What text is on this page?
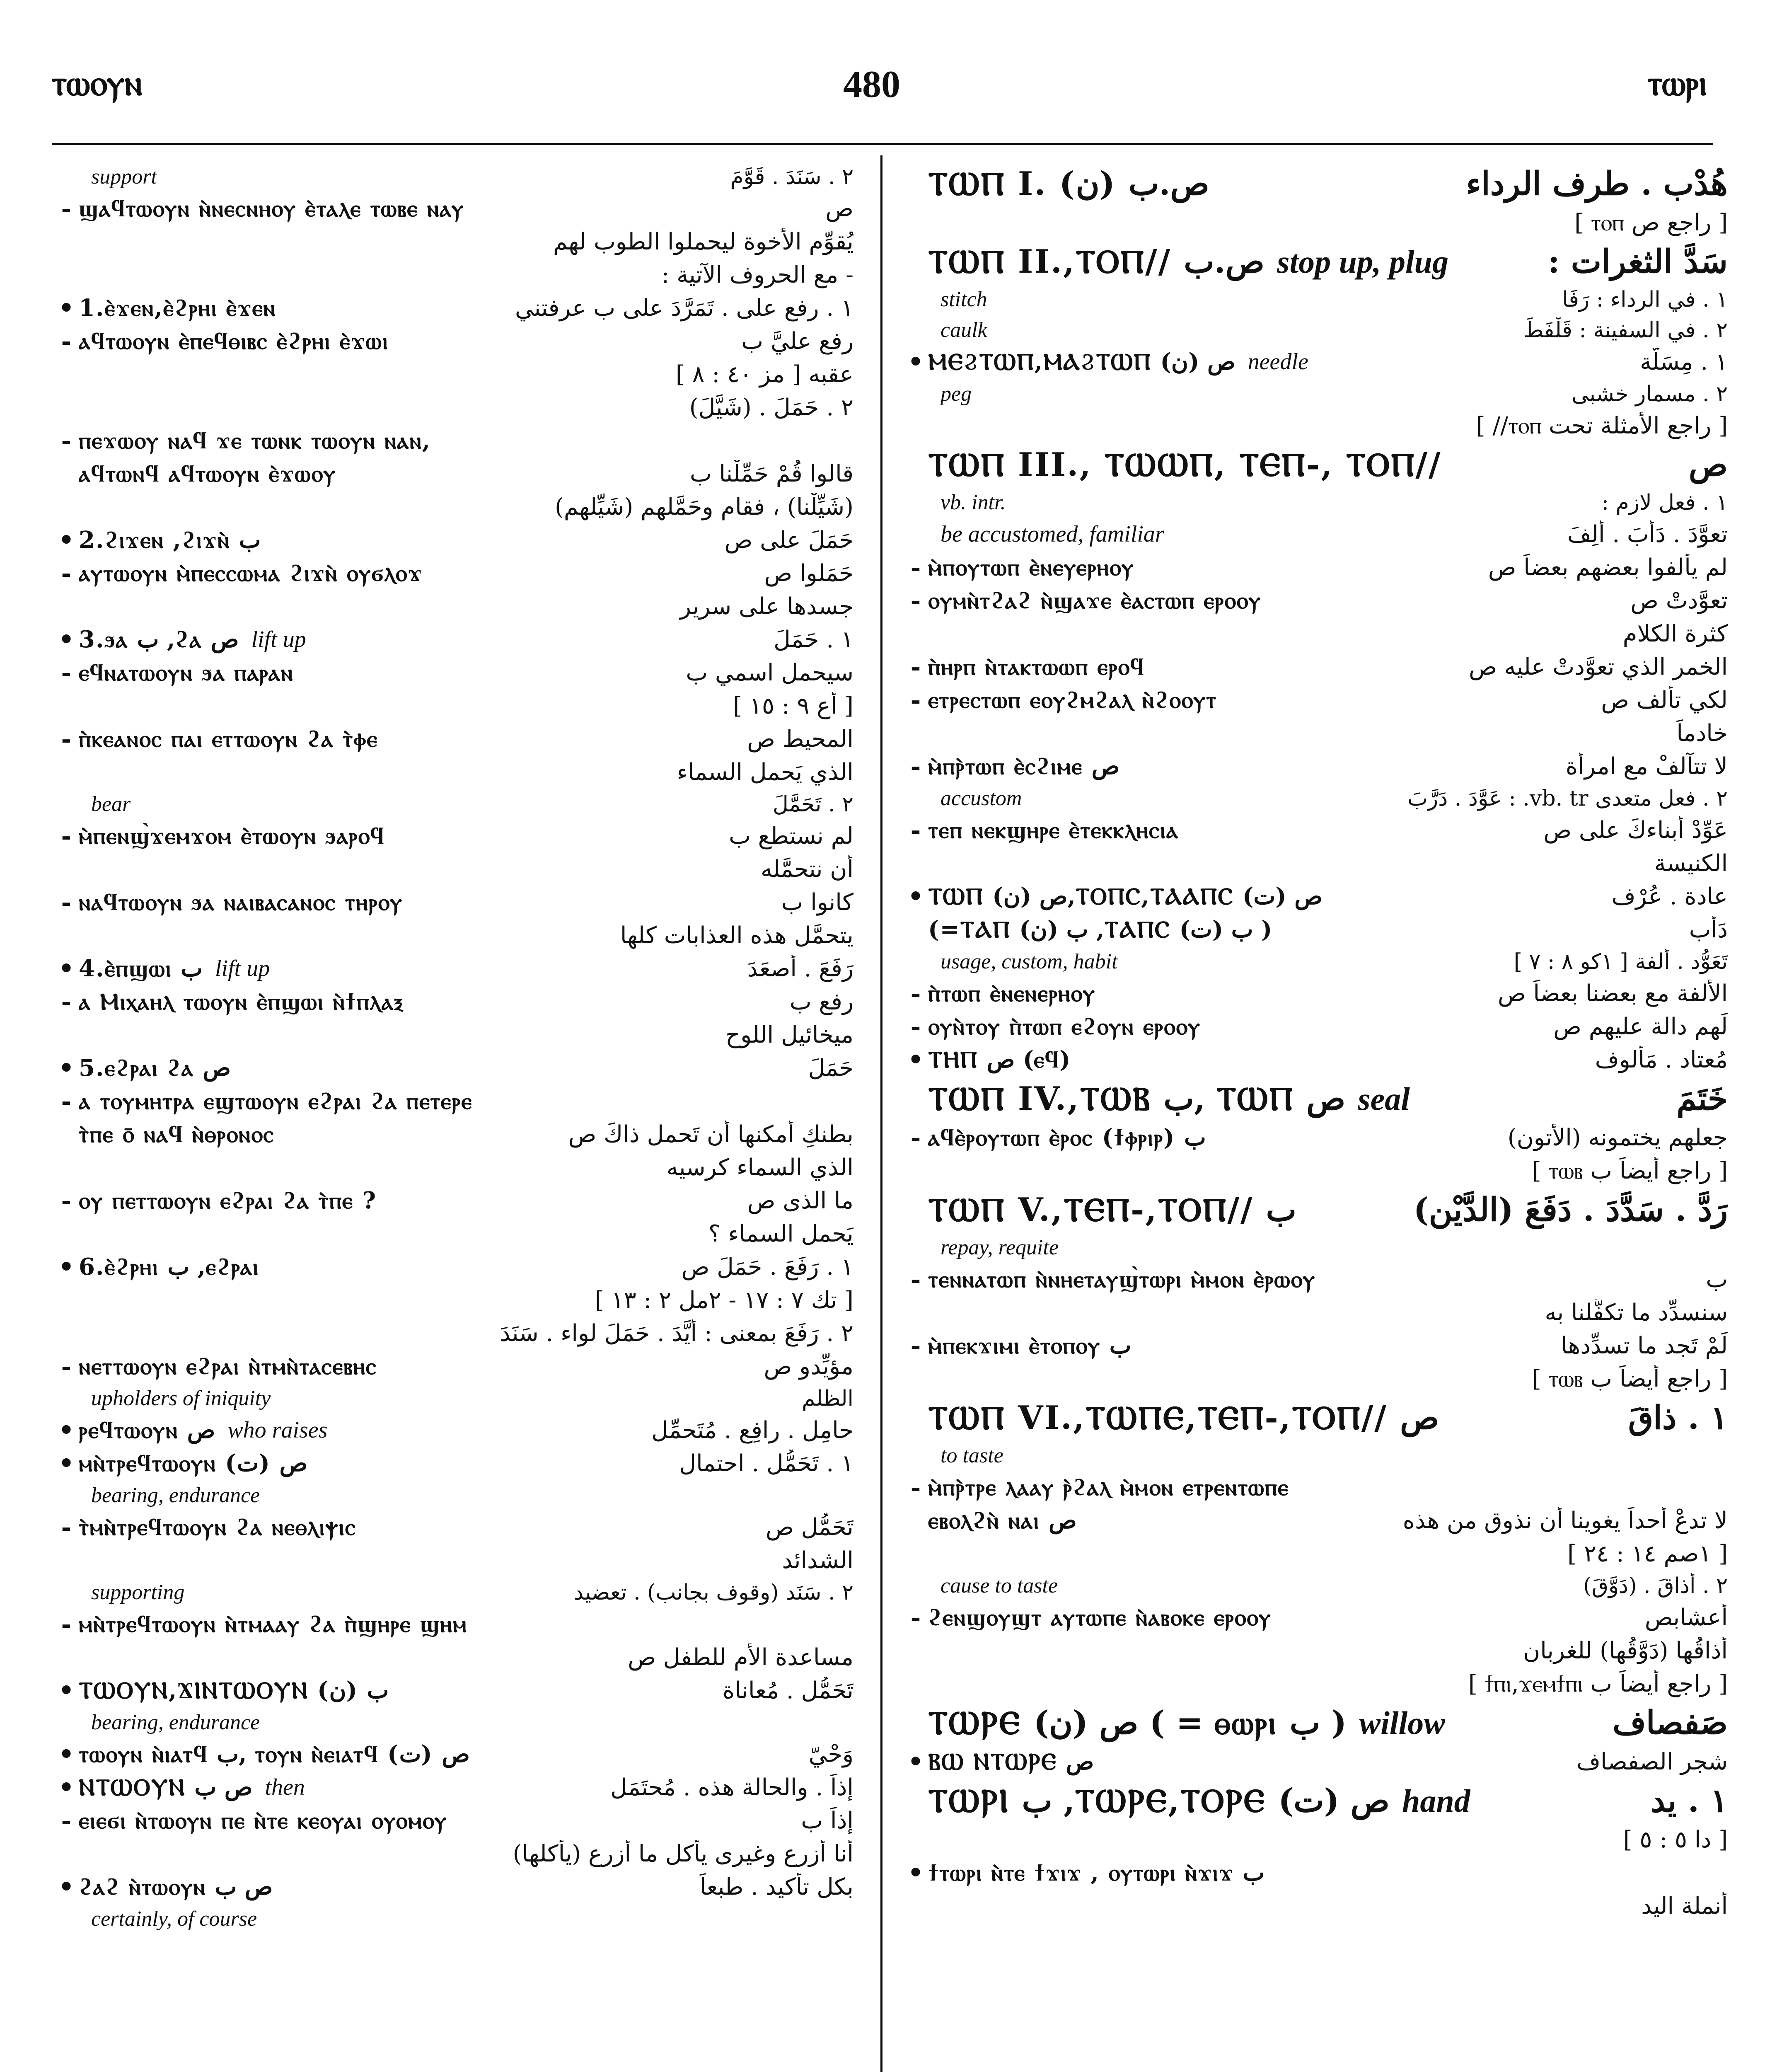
ⲧⲱⲟⲩⲛ	480	ⲧⲱⲣⲓ
support	٢ . سَنَدَ . قَوَّمَ
- ϣⲁϥⲧⲱⲟⲩⲛ ⲛ̀ⲛⲉⲥⲛⲏⲟⲩ ⲉ̀ⲧⲁⲗⲉ ⲧⲱⲃⲉ ⲛⲁⲩ	ص
يُقوِّم الأخوة ليحملوا الطوب لهم
- مع الحروف الآتية :
• 1.ⲉ̀ϫⲉⲛ,ⲉ̀ϩⲣⲏⲓ ⲉ̀ϫⲉⲛ	١ . رفع على . تَمَرَّدَ على ب عرفتني
- ⲁϥⲧⲱⲟⲩⲛ ⲉ̀ⲡⲉϥⲑⲓⲃⲥ ⲉ̀ϩⲣⲏⲓ ⲉ̀ϫⲱⲓ	رفع عليَّ ب
عقبه [ مز ٤٠ : ٨ ]
٢ . حَمَلَ . (شَيَّلَ)
- ⲡⲉϫⲱⲟⲩ ⲛⲁϥ ϫⲉ ⲧⲱⲛⲕ ⲧⲱⲟⲩⲛ ⲛⲁⲛ,
ⲁϥⲧⲱⲛϥ ⲁϥⲧⲱⲟⲩⲛ ⲉ̀ϫⲱⲟⲩ	قالوا قُمْ حَمِّلْنا ب
(شَيِّلْنا) ، فقام وحَمَّلهم (شَيِّلهم)
• 2.ϩⲓϫⲉⲛ ,ϩⲓϫⲛ̀ ب	حَمَلَ على ص
- ⲁⲩⲧⲱⲟⲩⲛ ⲙ̀ⲡⲉⲥⲥⲱⲙⲁ ϩⲓϫⲛ̀ ⲟⲩϭⲗⲟϫ	حَمَلوا ص
جسدها على سرير
• 3.ϧⲁ ب ,ϩⲁ ص lift up	١ . حَمَلَ
- ⲉϥⲛⲁⲧⲱⲟⲩⲛ ϧⲁ ⲡⲁⲣⲁⲛ	سيحمل اسمي ب
[ أع ٩ : ١٥ ]
- ⲡ̀ⲕⲉⲁⲛⲟⲥ ⲡⲁⲓ ⲉⲧⲧⲱⲟⲩⲛ ϩⲁ ⲧ̀ⲫⲉ	المحيط ص
الذي يَحمل السماء
bear	٢ . تَحَمَّلَ
- ⲙ̀ⲡⲉⲛϣ̀ϫⲉⲙϫⲟⲙ ⲉ̀ⲧⲱⲟⲩⲛ ϧⲁⲣⲟϥ	لم نستطع ب
أن نتحمَّله
- ⲛⲁϥⲧⲱⲟⲩⲛ ϧⲁ ⲛⲁⲓⲃⲁⲥⲁⲛⲟⲥ ⲧⲏⲣⲟⲩ	كانوا ب
يتحمَّل هذه العذابات كلها
• 4.ⲉ̀ⲡϣⲱⲓ ب lift up	رَفَعَ . أصعَدَ
- ⲁ Ⲙⲓⲭⲁⲏⲗ ⲧⲱⲟⲩⲛ ⲉ̀ⲡϣⲱⲓ ⲛ̀ϯⲡⲗⲁⲝ	رفع ب
ميخائيل اللوح
• 5.ⲉϩⲣⲁⲓ ϩⲁ ص	حَمَلَ
- ⲁ ⲧⲟⲩⲙⲏⲧⲣⲁ ⲉϣⲧⲱⲟⲩⲛ ⲉϩⲣⲁⲓ ϩⲁ ⲡⲉⲧⲉⲣⲉ
ⲧ̀ⲡⲉ ⲟ̄ ⲛⲁϥ ⲛ̀ⲑⲣⲟⲛⲟⲥ	بطنكِ أمكنها أن تَحمل ذاكَ ص
الذي السماء كرسيه
- ⲟⲩ ⲡⲉⲧⲧⲱⲟⲩⲛ ⲉϩⲣⲁⲓ ϩⲁ ⲧ̀ⲡⲉ ?	ما الذى ص
يَحمل السماء ؟
• 6.ⲉ̀ϩⲣⲏⲓ ب ,ⲉϩⲣⲁⲓ	١ . رَفَعَ . حَمَلَ ص
[ تك ٧ : ١٧ - ٢مل ٢ : ١٣ ]
٢ . رَفَعَ بمعنى : أيَّدَ . حَمَلَ لواء . سَنَدَ
- ⲛⲉⲧⲧⲱⲟⲩⲛ ⲉϩⲣⲁⲓ ⲛ̀ⲧⲙⲛ̀ⲧⲁⲥⲉⲃⲏⲥ	مؤيِّدو ص
upholders of iniquity	الظلم
• ⲣⲉϥⲧⲱⲟⲩⲛ ص who raises	حامِل . رافِع . مُتَحمِّل
• ⲙⲛ̀ⲧⲣⲉϥⲧⲱⲟⲩⲛ (ت) ص	١ . تَحَمُّل . احتمال
bearing, endurance
- ⲧ̀ⲙⲛ̀ⲧⲣⲉϥⲧⲱⲟⲩⲛ ϩⲁ ⲛⲉⲑⲗⲓⲯⲓⲥ	تَحَمُّل ص
الشدائد
supporting	٢ . سَنَد (وقوف بجانب) . تعضيد
- ⲙⲛ̀ⲧⲣⲉϥⲧⲱⲟⲩⲛ ⲛ̀ⲧⲙⲁⲁⲩ ϩⲁ ⲡ̀ϣⲏⲣⲉ ϣⲏⲙ
مساعدة الأم للطفل ص
• ⲦⲰⲞⲨⲚ,ϪⲒⲚⲦⲰⲞⲨⲚ (ن) ب	تَحَمُّل . مُعاناة
bearing, endurance
• ⲧⲱⲟⲩⲛ ⲛ̀ⲓⲁⲧϥ ب, ⲧⲟⲩⲛ ⲛ̀ⲉⲓⲁⲧϥ (ت) ص	وَحْيّ
• ⲚⲦⲰⲞⲨⲚ ص ب then	إذاً . والحالة هذه . مُحتَمَل
- ⲉⲓⲉϭⲓ ⲛ̀ⲧⲱⲟⲩⲛ ⲡⲉ ⲛ̀ⲧⲉ ⲕⲉⲟⲩⲁⲓ ⲟⲩⲟⲙⲟⲩ	إذاً ب
أنا أزرع وغيرى يأكل ما أزرع (يأكلها)
• ϩⲁϩ ⲛ̀ⲧⲱⲟⲩⲛ ص ب	بكل تأكيد . طبعاً
certainly, of course
ⲦⲰⲠ I. (ن) ص.ب	هُدْب . طرف الرداء
[ راجع ص ⲧⲟⲡ ]
ⲦⲰⲠ II.,ⲦⲞⲠ// ص.ب stop up, plug	سَدَّ الثغرات :
stitch	١ . في الرداء : رَفَا
caulk	٢ . في السفينة : قَلْفَطَ
• ⲘⲈϨⲦⲰⲠ,ⲘⲀϨⲦⲰⲠ ص (ن) needle	١ . مِسَلَّة
peg	٢ . مسمار خشبى
[ راجع الأمثلة تحت ⲧⲟⲡ// ]
ⲦⲰⲠ III., ⲦⲰⲰⲠ, ⲦⲈⲠ-, ⲦⲞⲠ//	ص
vb. intr.	١ . فعل لازم :
be accustomed, familiar	تعوَّدَ . دَأَبَ . أَلِفَ
- ⲙ̀ⲡⲟⲩⲧⲱⲡ ⲉ̀ⲛⲉⲩⲉⲣⲏⲟⲩ	لم يألفوا بعضهم بعضاً ص
- ⲟⲩⲙⲛ̀ⲧϩⲁϩ ⲛ̀ϣⲁϫⲉ ⲉ̀ⲁⲥⲧⲱⲡ ⲉⲣⲟⲟⲩ	تعوَّدتْ ص
كثرة الكلام
- ⲡ̀ⲏⲣⲡ ⲛ̀ⲧⲁⲕⲧⲱⲱⲡ ⲉⲣⲟϥ	الخمر الذي تعوَّدتْ عليه ص
- ⲉⲧⲣⲉⲥⲧⲱⲡ ⲉⲟⲩϩⲙϩⲁⲗ ⲛ̀ϩⲟⲟⲩⲧ	لكي تألف ص
خادماً
- ⲙ̀ⲡⲣ̀ⲧⲱⲡ ⲉ̀ⲥϩⲓⲙⲉ ص	لا تتآلفْ مع امرأة
accustom	٢ . فعل متعدى vb. tr. : عَوَّدَ . دَرَّبَ
- ⲧⲉⲡ ⲛⲉⲕϣⲏⲣⲉ ⲉ̀ⲧⲉⲕⲕⲗⲏⲥⲓⲁ	عَوِّدْ أبناءكَ على ص
الكنيسة
• ⲦⲰⲠ ص (ن),ⲦⲞⲠⲤ,ⲦⲀⲀⲠⲤ ص (ت)	عادة . عُرْف
(=ⲦⲀⲠ ب (ن) ,ⲦⲀⲠⲤ ب (ت) )	دَأْب
usage, custom, habit	تَعَوُّد . أُلفة [ ١كو ٨ : ٧ ]
- ⲡ̀ⲧⲱⲡ ⲉ̀ⲛⲉⲛⲉⲣⲏⲟⲩ	الأُلفة مع بعضنا بعضاً ص
- ⲟⲩⲛ̀ⲧⲟⲩ ⲡ̀ⲧⲱⲡ ⲉϩⲟⲩⲛ ⲉⲣⲟⲟⲩ	لَهم دالة عليهم ص
• ⲦⲎⲠ ص (ⲉϥ)	مُعتاد . مَألوف
ⲦⲰⲠ IV.,ⲦⲰⲂ ب, ⲦⲰⲠ ص seal	خَتَمَ
- ⲁϥⲉ̀ⲣⲟⲩⲧⲱⲡ ⲉ̀ⲣⲟⲥ (ϯⲫⲣⲓⲣ) ب	جعلهم يختمونه (الأتون)
[ راجع أيضاً ب ⲧⲱⲃ ]
ⲦⲰⲠ V.,ⲦⲈⲠ-,ⲦⲞⲠ// ب	رَدَّ . سَدَّدَ . دَفَعَ (الدَّيْن)
repay, requite
- ⲧⲉⲛⲛⲁⲧⲱⲡ ⲛ̀ⲛⲏⲉⲧⲁⲩϣ̀ⲧⲱⲣⲓ ⲙ̀ⲙⲟⲛ ⲉ̀ⲣⲱⲟⲩ	ب
سنسدِّد ما تكفَّلنا به
- ⲙ̀ⲡⲉⲕϫⲓⲙⲓ ⲉ̀ⲧⲟⲡⲟⲩ ب	لَمْ تَجد ما تسدِّدها
[ راجع أيضاً ب ⲧⲱⲃ ]
ⲦⲰⲠ VI.,ⲦⲰⲠⲈ,ⲦⲈⲠ-,ⲦⲞⲠ// ص	١ . ذاقَ
to taste
- ⲙ̀ⲡⲣ̀ⲧⲣⲉ ⲗⲁⲁⲩ ⲣ̀ϩⲁⲗ ⲙ̀ⲙⲟⲛ ⲉⲧⲣⲉⲛⲧⲱⲡⲉ
ⲉⲃⲟⲗϩⲛ̀ ⲛⲁⲓ ص	لا تدعْ أحداً يغوينا أن نذوق من هذه
[ ١صم ١٤ : ٢٤ ]
cause to taste	٢ . أذاقَ . (دَوَّقَ)
- ϩⲉⲛϣⲟⲩϣⲧ ⲁⲩⲧⲱⲡⲉ ⲛ̀ⲁⲃⲟⲕⲉ ⲉⲣⲟⲟⲩ	أعشابص
أذاقُها (دَوَّقُها) للغربان
[ راجع أيضاً ب ϯⲡⲓ,ϫⲉⲙϯⲡⲓ ]
ⲦⲰⲢⲈ ص (ن) ( = ⲑⲱⲣⲓ ب ) willow	صَفصاف
• ⲂⲰ ⲚⲦⲰⲢⲈ ص	شجر الصفصاف
ⲦⲰⲢⲒ ب ,ⲦⲰⲢⲈ,ⲦⲞⲢⲈ ص (ت) hand	١ . يد
[ دا ٥ : ٥ ]
• ϯⲧⲱⲣⲓ ⲛ̀ⲧⲉ ϯϫⲓϫ , ⲟⲩⲧⲱⲣⲓ ⲛ̀ϫⲓϫ ب
أنملة اليد
